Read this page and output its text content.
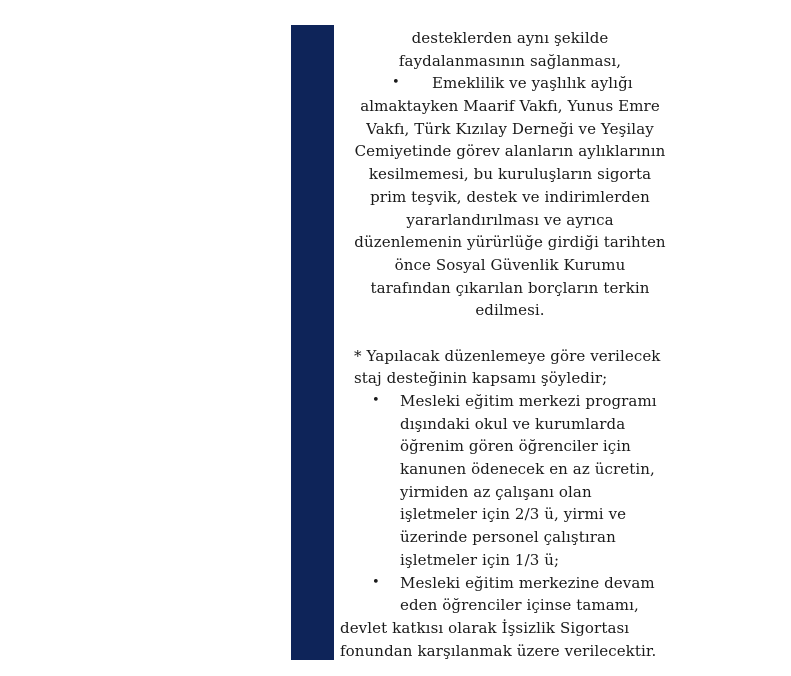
desteklerden aynı şekilde
faydalanmasının sağlanması,
• Emeklilik ve yaşlılık aylığı
almaktayken Maarif Vakfı, Yunus Emre
Vakfı, Türk Kızılay Derneği ve Yeşilay
Cemiyetinde görev alanların aylıklarının
kesilmemesi, bu kuruluşların sigorta
prim teşvik, destek ve indirimlerden
yararlandırılması ve ayrıca
düzenlemenin yürürlüğe girdiği tarihten
önce Sosyal Güvenlik Kurumu
tarafından çıkarılan borçların terkin
edilmesi.
* Yapılacak düzenlemeye göre verilecek
staj desteğinin kapsamı şöyledir;
• Mesleki eğitim merkezi programı
dışındaki okul ve kurumlarda
öğrenim gören öğrenciler için
kanunen ödenecek en az ücretin,
yirmiden az çalışanı olan
işletmeler için 2/3 ü, yirmi ve
üzerinde personel çalıştıran
işletmeler için 1/3 ü;
• Mesleki eğitim merkezine devam
eden öğrenciler içinse tamamı,
devlet katkısı olarak İşsizlik Sigortası
fonundan karşılanmak üzere verilecektir.
